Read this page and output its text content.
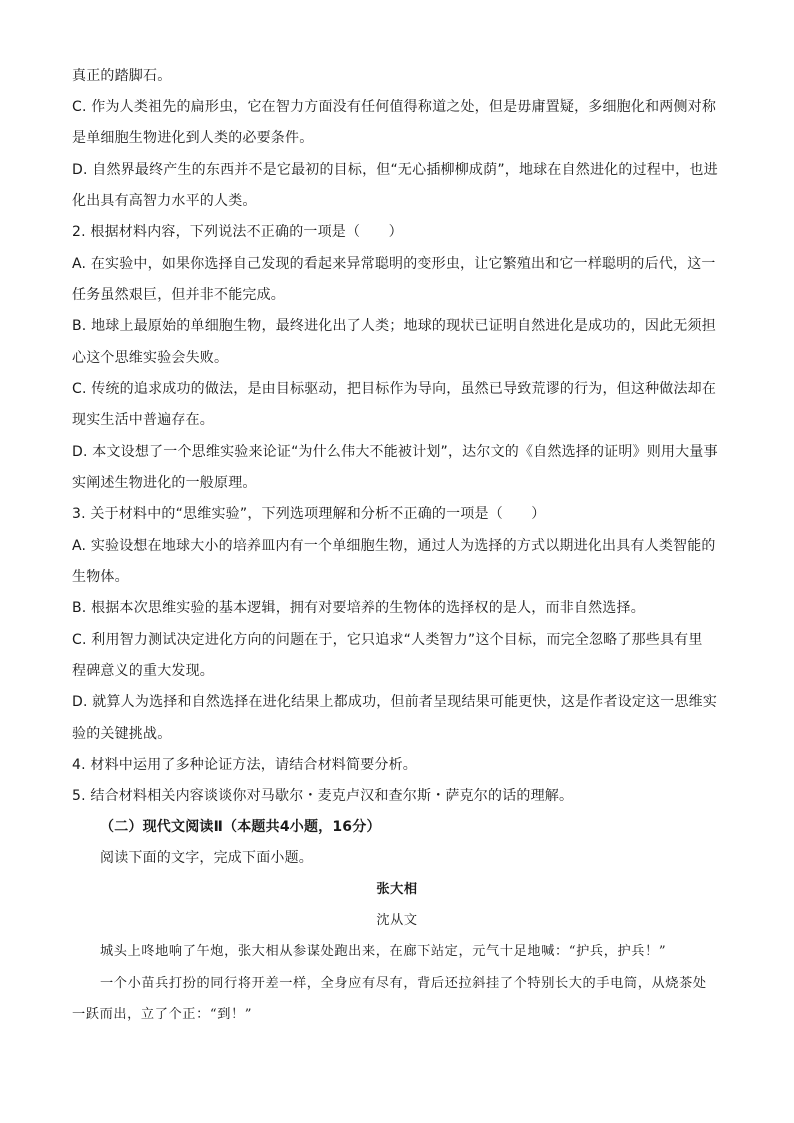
真正的踏脚石。
C. 作为人类祖先的扁形虫，它在智力方面没有任何值得称道之处，但是毋庸置疑，多细胞化和两侧对称
是单细胞生物进化到人类的必要条件。
D. 自然界最终产生的东西并不是它最初的目标，但“无心插柳柳成荫”，地球在自然进化的过程中，也进
化出具有高智力水平的人类。
2. 根据材料内容，下列说法不正确的一项是（　　）
A. 在实验中，如果你选择自己发现的看起来异常聪明的变形虫，让它繁殖出和它一样聪明的后代，这一
任务虽然艰巨，但并非不能完成。
B. 地球上最原始的单细胞生物，最终进化出了人类；地球的现状已证明自然进化是成功的，因此无须担
心这个思维实验会失败。
C. 传统的追求成功的做法，是由目标驱动，把目标作为导向，虽然已导致荒谬的行为，但这种做法却在
现实生活中普遍存在。
D. 本文设想了一个思维实验来论证“为什么伟大不能被计划”，达尔文的《自然选择的证明》则用大量事
实阐述生物进化的一般原理。
3. 关于材料中的“思维实验”，下列选项理解和分析不正确的一项是（　　）
A. 实验设想在地球大小的培养皿内有一个单细胞生物，通过人为选择的方式以期进化出具有人类智能的
生物体。
B. 根据本次思维实验的基本逻辑，拥有对要培养的生物体的选择权的是人，而非自然选择。
C. 利用智力测试决定进化方向的问题在于，它只追求“人类智力”这个目标，而完全忽略了那些具有里
程碑意义的重大发现。
D. 就算人为选择和自然选择在进化结果上都成功，但前者呈现结果可能更快，这是作者设定这一思维实
验的关键挑战。
4. 材料中运用了多种论证方法，请结合材料简要分析。
5. 结合材料相关内容谈谈你对马歇尔・麦克卢汉和查尔斯・萨克尔的话的理解。
（二）现代文阅读Ⅱ（本题共4小题，16分）
阅读下面的文字，完成下面小题。
张大相
沈从文
城头上咚地响了午炮，张大相从参谋处跑出来，在廊下站定，元气十足地喊：“护兵，护兵！”
一个小苗兵打扮的同行将开差一样，全身应有尽有，背后还拉斜挂了个特别长大的手电筒，从烧茶处
一跃而出，立了个正：“到！”
